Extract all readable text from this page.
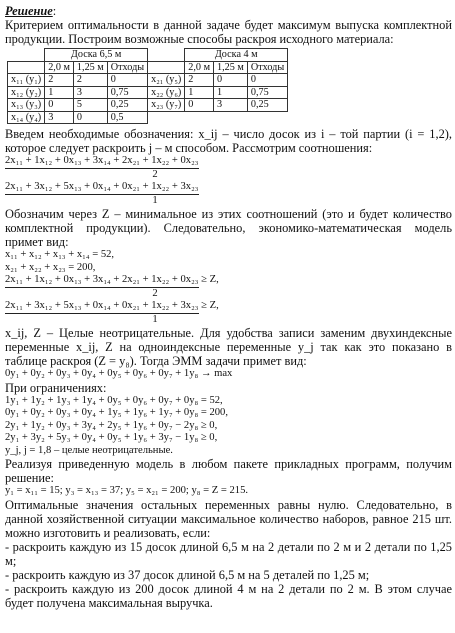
Решение:

Критерием оптимальности в данной задаче будет максимум выпуска комплектной продукции. Построим возможные способы раскроя исходного материала:

	Доска 6,5 м				Доска 4 м		
	2,0 м	1,25 м	Отходы		2,0 м	1,25 м	Отходы
x₁₁ (y₁)	2	2	0	x₂₁ (y₅)	2	0	0
x₁₂ (y₂)	1	3	0,75	x₂₂ (y₆)	1	1	0,75
x₁₃ (y₃)	0	5	0,25	x₂₃ (y₇)	0	3	0,25
x₁₄ (y₄)	3	0	0,5				

Введем необходимые обозначения: x_ij – число досок из i – той партии (i = 1,2), которое следует раскроить j – м способом. Рассмотрим соотношения:

2x₁₁ + 1x₁₂ + 0x₁₃ + 3x₁₄ + 2x₂₁ + 1x₂₂ + 0x₂₃
2
2x₁₁ + 3x₁₂ + 5x₁₃ + 0x₁₄ + 0x₂₁ + 1x₂₂ + 3x₂₃
1

Обозначим через Z – минимальное из этих соотношений (это и будет количество комплектной продукции). Следовательно, экономико-математическая модель примет вид:

x₁₁ + x₁₂ + x₁₃ + x₁₄ = 52,

x₂₁ + x₂₂ + x₂₃ = 200,

2x₁₁ + 1x₁₂ + 0x₁₃ + 3x₁₄ + 2x₂₁ + 1x₂₂ + 0x₂₃ ≥ Z,
2
2x₁₁ + 3x₁₂ + 5x₁₃ + 0x₁₄ + 0x₂₁ + 1x₂₂ + 3x₂₃ ≥ Z,
1

x_ij, Z – Целые неотрицательные. Для удобства записи заменим двухиндексные переменные x_ij, Z на одноиндексные переменные y_j так как это показано в таблице раскроя (Z = y₈). Тогда ЭММ задачи примет вид:

0y₁ + 0y₂ + 0y₃ + 0y₄ + 0y₅ + 0y₆ + 0y₇ + 1y₈ → max

При ограничениях:

1y₁ + 1y₂ + 1y₃ + 1y₄ + 0y₅ + 0y₆ + 0y₇ + 0y₈ = 52,

0y₁ + 0y₂ + 0y₃ + 0y₄ + 1y₅ + 1y₆ + 1y₇ + 0y₈ = 200,

2y₁ + 1y₂ + 0y₃ + 3y₄ + 2y₅ + 1y₆ + 0y₇ − 2y₈ ≥ 0,

2y₁ + 3y₂ + 5y₃ + 0y₄ + 0y₅ + 1y₆ + 3y₇ − 1y₈ ≥ 0,

y_j, j = 1,8 – целые неотрицательные.

Реализуя приведенную модель в любом пакете прикладных программ, получим решение:

y₁ = x₁₁ = 15; y₃ = x₁₃ = 37; y₅ = x₂₁ = 200; y₈ = Z = 215.

Оптимальные значения остальных переменных равны нулю. Следовательно, в данной хозяйственной ситуации максимальное количество наборов, равное 215 шт. можно изготовить и реализовать, если:

- раскроить каждую из 15 досок длиной 6,5 м на 2 детали по 2 м и 2 детали по 1,25 м;

- раскроить каждую из 37 досок длиной 6,5 м на 5 деталей по 1,25 м;

- раскроить каждую из 200 досок длиной 4 м на 2 детали по 2 м. В этом случае будет получена максимальная выручка.
